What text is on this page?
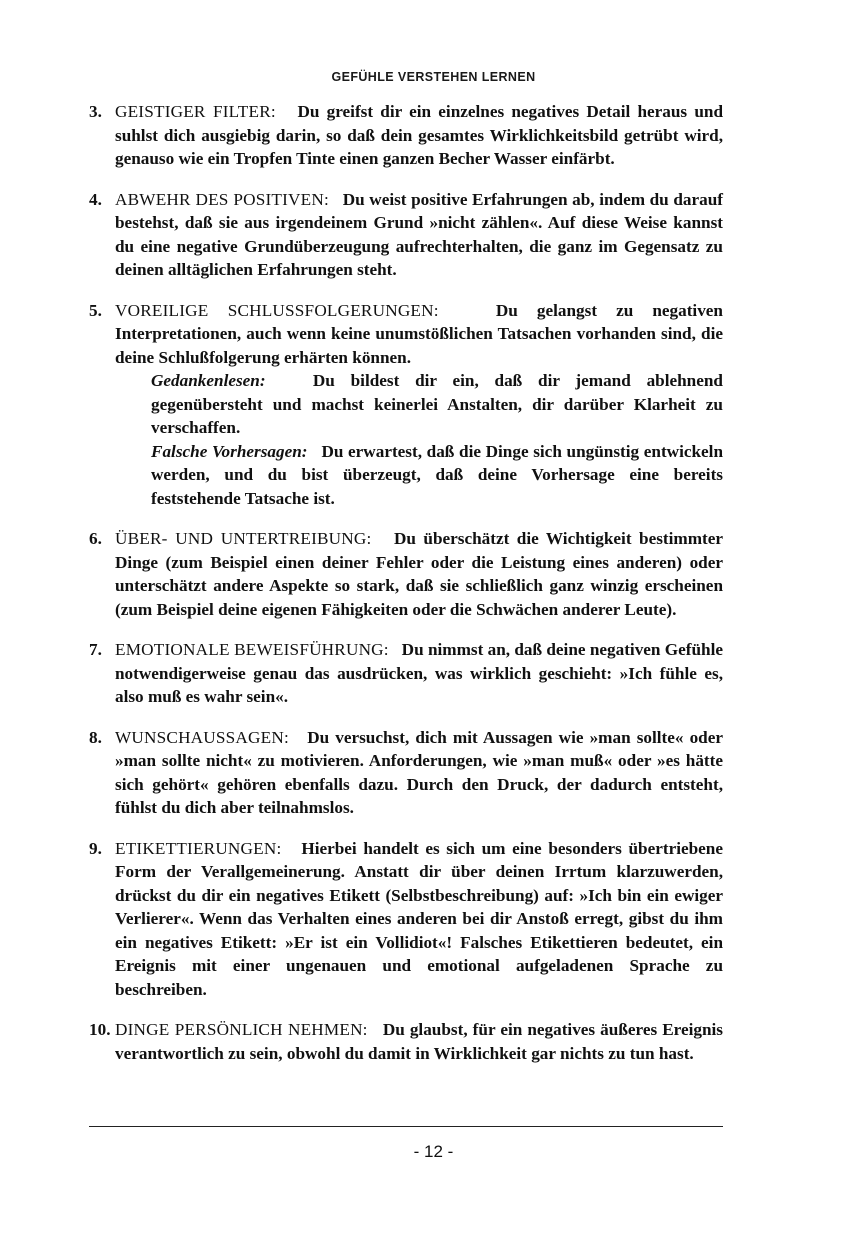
GEFÜHLE VERSTEHEN LERNEN
3. GEISTIGER FILTER: Du greifst dir ein einzelnes negatives Detail heraus und suhlst dich ausgiebig darin, so daß dein gesamtes Wirklichkeitsbild getrübt wird, genauso wie ein Tropfen Tinte einen ganzen Becher Wasser einfärbt.
4. ABWEHR DES POSITIVEN: Du weist positive Erfahrungen ab, indem du darauf bestehst, daß sie aus irgendeinem Grund »nicht zählen«. Auf diese Weise kannst du eine negative Grundüberzeugung aufrechterhalten, die ganz im Gegensatz zu deinen alltäglichen Erfahrungen steht.
5. VOREILIGE SCHLUSSFOLGERUNGEN:	Du gelangst zu negativen Interpretationen, auch wenn keine unumstößlichen Tatsachen vorhanden sind, die deine Schlußfolgerung erhärten können.
Gedankenlesen:	Du bildest dir ein, daß dir jemand ablehnend gegenübersteht und machst keinerlei Anstalten, dir darüber Klarheit zu verschaffen.
Falsche Vorhersagen: Du erwartest, daß die Dinge sich ungünstig entwickeln werden, und du bist überzeugt, daß deine Vorhersage eine bereits feststehende Tatsache ist.
6. ÜBER- UND UNTERTREIBUNG: Du überschätzt die Wichtigkeit bestimmter Dinge (zum Beispiel einen deiner Fehler oder die Leistung eines anderen) oder unterschätzt andere Aspekte so stark, daß sie schließlich ganz winzig erscheinen (zum Beispiel deine eigenen Fähigkeiten oder die Schwächen anderer Leute).
7. EMOTIONALE BEWEISFÜHRUNG: Du nimmst an, daß deine negativen Gefühle notwendigerweise genau das ausdrücken, was wirklich geschieht: »Ich fühle es, also muß es wahr sein«.
8. WUNSCHAUSSAGEN: Du versuchst, dich mit Aussagen wie »man sollte« oder »man sollte nicht« zu motivieren. Anforderungen, wie »man muß« oder »es hätte sich gehört« gehören ebenfalls dazu. Durch den Druck, der dadurch entsteht, fühlst du dich aber teilnahmslos.
9. ETIKETTIERUNGEN: Hierbei handelt es sich um eine besonders übertriebene Form der Verallgemeinerung. Anstatt dir über deinen Irrtum klarzuwerden, drückst du dir ein negatives Etikett (Selbstbeschreibung) auf: »Ich bin ein ewiger Verlierer«. Wenn das Verhalten eines anderen bei dir Anstoß erregt, gibst du ihm ein negatives Etikett: »Er ist ein Vollidiot«! Falsches Etikettieren bedeutet, ein Ereignis mit einer ungenauen und emotional aufgeladenen Sprache zu beschreiben.
10. DINGE PERSÖNLICH NEHMEN: Du glaubst, für ein negatives äußeres Ereignis verantwortlich zu sein, obwohl du damit in Wirklichkeit gar nichts zu tun hast.
- 12 -
